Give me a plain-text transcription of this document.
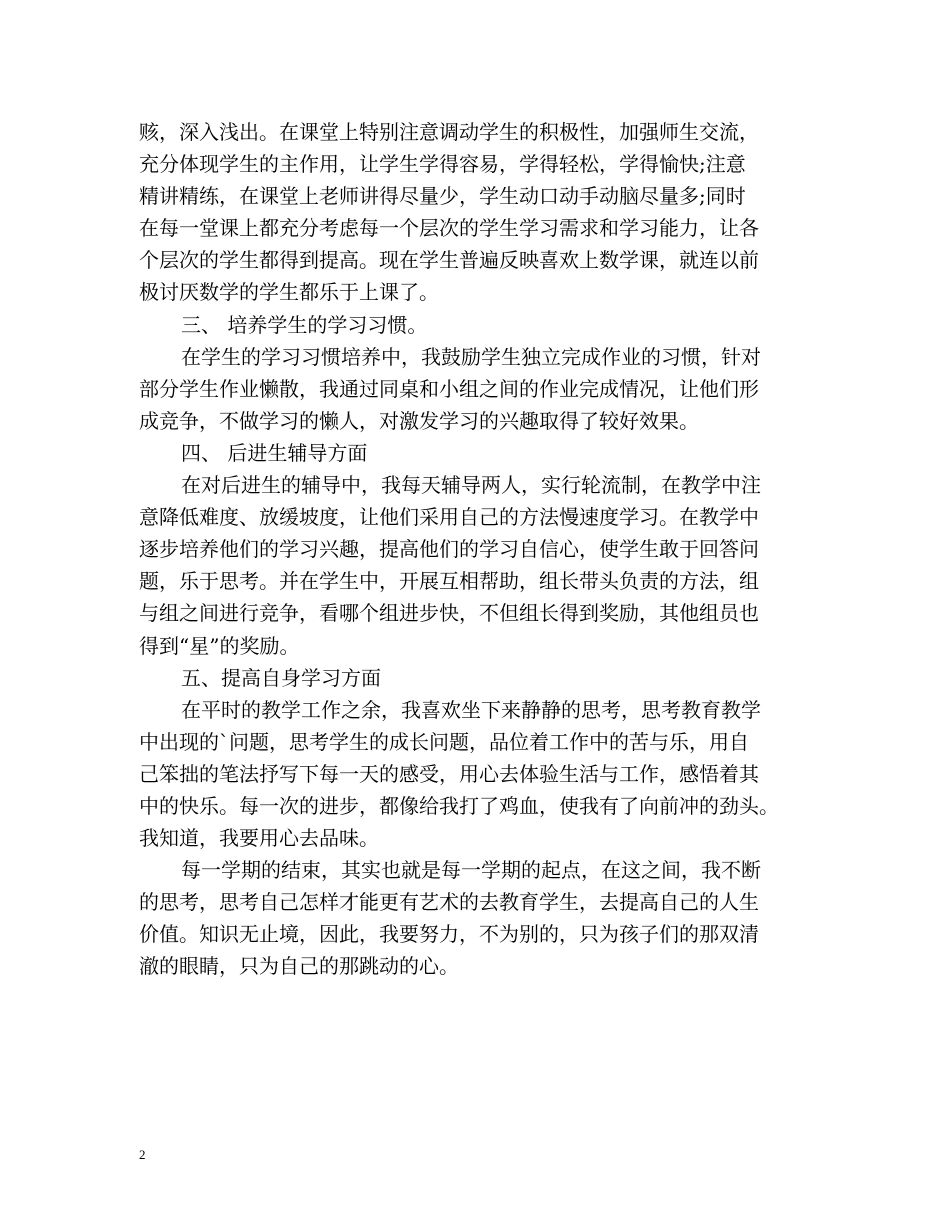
赅，深入浅出。在课堂上特别注意调动学生的积极性，加强师生交流，
充分体现学生的主作用，让学生学得容易，学得轻松，学得愉快;注意
精讲精练，在课堂上老师讲得尽量少，学生动口动手动脑尽量多;同时
在每一堂课上都充分考虑每一个层次的学生学习需求和学习能力，让各
个层次的学生都得到提高。现在学生普遍反映喜欢上数学课，就连以前
极讨厌数学的学生都乐于上课了。
三、 培养学生的学习习惯。
在学生的学习习惯培养中，我鼓励学生独立完成作业的习惯，针对
部分学生作业懒散，我通过同桌和小组之间的作业完成情况，让他们形
成竞争，不做学习的懒人，对激发学习的兴趣取得了较好效果。
四、 后进生辅导方面
在对后进生的辅导中，我每天辅导两人，实行轮流制，在教学中注
意降低难度、放缓坡度，让他们采用自己的方法慢速度学习。在教学中
逐步培养他们的学习兴趣，提高他们的学习自信心，使学生敢于回答问
题，乐于思考。并在学生中，开展互相帮助，组长带头负责的方法，组
与组之间进行竞争，看哪个组进步快，不但组长得到奖励，其他组员也
得到“星”的奖励。
五、提高自身学习方面
在平时的教学工作之余，我喜欢坐下来静静的思考，思考教育教学
中出现的`问题，思考学生的成长问题，品位着工作中的苦与乐，用自
己笨拙的笔法抒写下每一天的感受，用心去体验生活与工作，感悟着其
中的快乐。每一次的进步，都像给我打了鸡血，使我有了向前冲的劲头。
我知道，我要用心去品味。
每一学期的结束，其实也就是每一学期的起点，在这之间，我不断
的思考，思考自己怎样才能更有艺术的去教育学生，去提高自己的人生
价值。知识无止境，因此，我要努力，不为别的，只为孩子们的那双清
澈的眼睛，只为自己的那跳动的心。
2
